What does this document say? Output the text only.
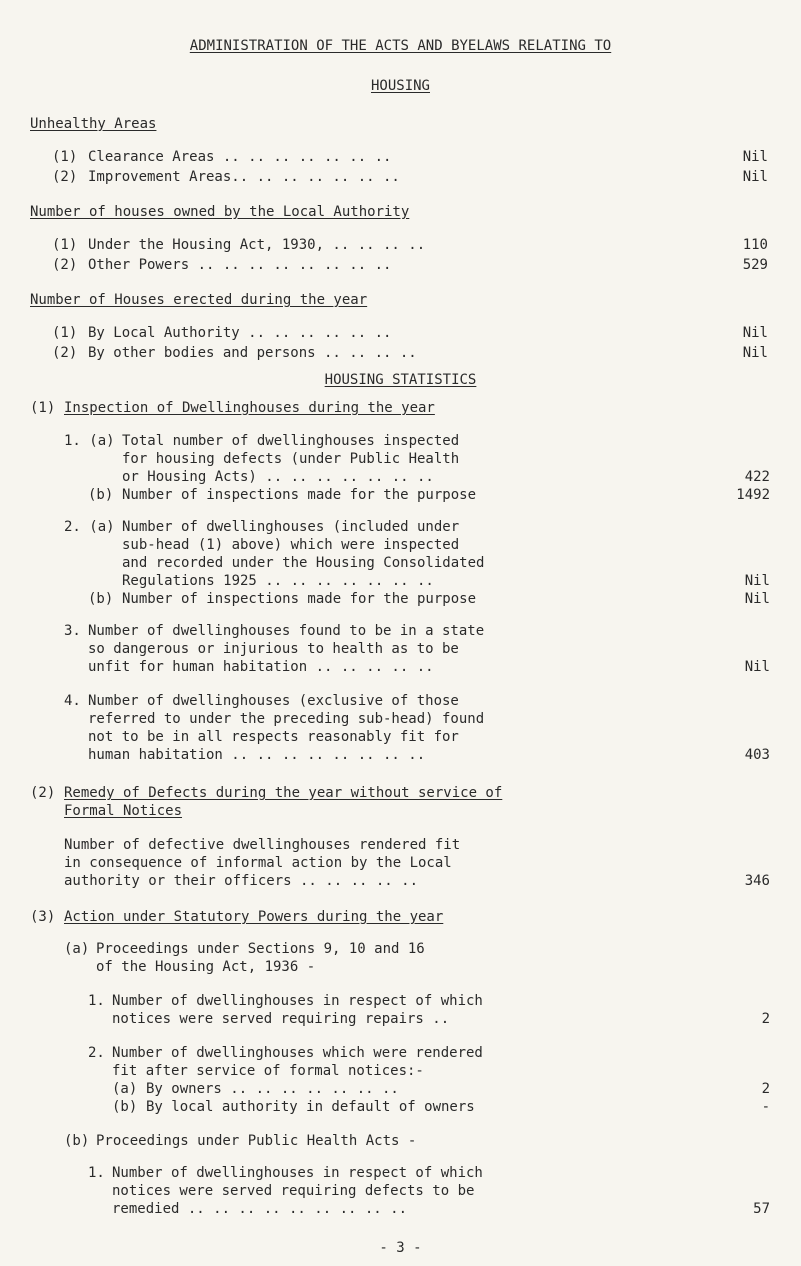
ADMINISTRATION OF THE ACTS AND BYELAWS RELATING TO
HOUSING
Unhealthy Areas
(1) Clearance Areas .. .. .. .. .. .. ..	Nil
(2) Improvement Areas.. .. .. .. .. .. ..	Nil
Number of houses owned by the Local Authority
(1) Under the Housing Act, 1930, .. .. .. ..	110
(2) Other Powers .. .. .. .. .. .. .. ..	529
Number of Houses erected during the year
(1) By Local Authority .. .. .. .. .. ..	Nil
(2) By other bodies and persons .. .. .. ..	Nil
HOUSING STATISTICS
(1) Inspection of Dwellinghouses during the year
1. (a) Total number of dwellinghouses inspected
for housing defects (under Public Health
or Housing Acts) .. .. .. .. .. .. ..	422
(b) Number of inspections made for the purpose	1492
2. (a) Number of dwellinghouses (included under
sub-head (1) above) which were inspected
and recorded under the Housing Consolidated
Regulations 1925 .. .. .. .. .. .. ..	Nil
(b) Number of inspections made for the purpose	Nil
3. Number of dwellinghouses found to be in a state
so dangerous or injurious to health as to be
unfit for human habitation .. .. .. .. ..	Nil
4. Number of dwellinghouses (exclusive of those
referred to under the preceding sub-head) found
not to be in all respects reasonably fit for
human habitation .. .. .. .. .. .. .. ..	403
(2) Remedy of Defects during the year without service of
Formal Notices
Number of defective dwellinghouses rendered fit
in consequence of informal action by the Local
authority or their officers .. .. .. .. ..	346
(3) Action under Statutory Powers during the year
(a) Proceedings under Sections 9, 10 and 16
of the Housing Act, 1936 -
1. Number of dwellinghouses in respect of which
notices were served requiring repairs ..	2
2. Number of dwellinghouses which were rendered
fit after service of formal notices:-
(a) By owners .. .. .. .. .. .. ..	2
(b) By local authority in default of owners	-
(b) Proceedings under Public Health Acts -
1. Number of dwellinghouses in respect of which
notices were served requiring defects to be
remedied .. .. .. .. .. .. .. .. ..	57
- 3 -
